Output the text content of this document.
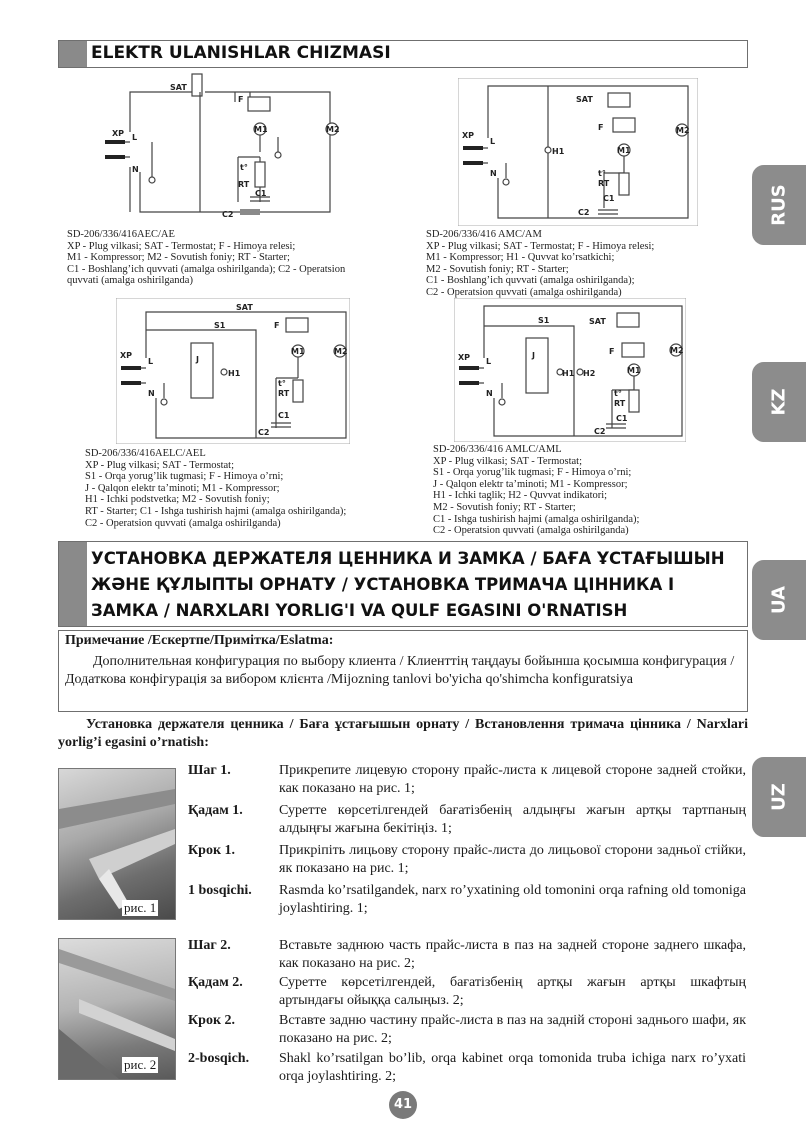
ELEKTR ULANISHLAR CHIZMASI
RUS
KZ
UA
UZ
SAT
XP L
N
F
M1	M2
RT
t°
C1
C2
SAT
XP
L
N
H1
F
M1
M2
RT
t°
C1
C2
SD-206/336/416AEC/AE
XP - Plug vilkasi; SAT - Termostat; F - Himoya relesi;
M1 - Kompressor; M2 - Sovutish foniy; RT - Starter;
C1 - Boshlang’ich quvvati (amalga oshirilganda); C2 - Operatsion
quvvati (amalga oshirilganda)
SD-206/336/416 AMC/AM
XP - Plug vilkasi; SAT - Termostat; F - Himoya relesi;
M1 - Kompressor; H1 - Quvvat ko’rsatkichi;
M2 - Sovutish foniy; RT - Starter;
C1 - Boshlang’ich quvvati (amalga oshirilganda);
C2 - Operatsion quvvati (amalga oshirilganda)
SAT
S1
J
H1
XP
L
N
F
M1	M2
RT
t°
C1
C2
SAT
S1
J
H1 H2
XP L
N
F
M1
M2
RT
t°
C1
C2
SD-206/336/416AELC/AEL
XP - Plug vilkasi; SAT - Termostat;
S1 - Orqa yorug’lik tugmasi; F - Himoya o’rni;
J - Qalqon elektr ta’minoti; M1 - Kompressor;
H1 - Ichki podstvetka; M2 - Sovutish foniy;
RT - Starter; C1 - Ishga tushirish hajmi (amalga oshirilganda);
C2 - Operatsion quvvati (amalga oshirilganda)
SD-206/336/416 AMLC/AML
XP - Plug vilkasi; SAT - Termostat;
S1 - Orqa yorug’lik tugmasi; F - Himoya o’rni;
J - Qalqon elektr ta’minoti; M1 - Kompressor;
H1 - Ichki taglik; H2 - Quvvat indikatori;
M2 - Sovutish foniy; RT - Starter;
C1 - Ishga tushirish hajmi (amalga oshirilganda);
C2 - Operatsion quvvati (amalga oshirilganda)
УСТАНОВКА ДЕРЖАТЕЛЯ ЦЕННИКА И ЗАМКА / БАҒА ҰСТАҒЫШЫН
ЖӘНЕ ҚҰЛЫПТЫ ОРНАТУ / УСТАНОВКА ТРИМАЧА ЦІННИКА І
ЗАМКА / NARXLARI YORLIG'I VA QULF EGASINI O'RNATISH
Примечание /Ескертпе/Примітка/Eslatma:
Дополнительная конфигурация по выбору клиента / Клиенттің таңдауы бойынша қосымша конфигурация / Додаткова конфігурація за вибором клієнта /Mijozning tanlovi bo'yicha qo'shimcha konfiguratsiya
Установка держателя ценника / Баға ұстағышын орнату / Встановлення тримача цінника / Narxlari yorlig’i egasini o’rnatish:
рис. 1
Шаг 1.	Прикрепите лицевую сторону прайс-листа к лицевой стороне задней стойки, как показано на рис. 1;
Қадам 1.	Суретте көрсетілгендей бағатізбенің алдыңғы жағын артқы тартпаның алдыңғы жағына бекітіңіз. 1;
Крок 1.	Прикріпіть лицьову сторону прайс-листа до лицьової сторони задньої стійки, як показано на рис. 1;
1 bosqichi. Rasmda ko’rsatilgandek, narx ro’yxatining old tomonini orqa rafning old tomoniga joylashtiring. 1;
рис. 2
Шаг 2.	Вставьте заднюю часть прайс-листа в паз на задней стороне заднего шкафа, как показано на рис. 2;
Қадам 2.	Суретте көрсетілгендей, бағатізбенің артқы жағын артқы шкафтың артындағы ойыққа салыңыз. 2;
Крок 2.	Вставте задню частину прайс-листа в паз на задній стороні заднього шафи, як показано на рис. 2;
2-bosqich. Shakl ko’rsatilgan bo’lib, orqa kabinet orqa tomonida truba ichiga narx ro’yxati orqa joylashtiring. 2;
41
